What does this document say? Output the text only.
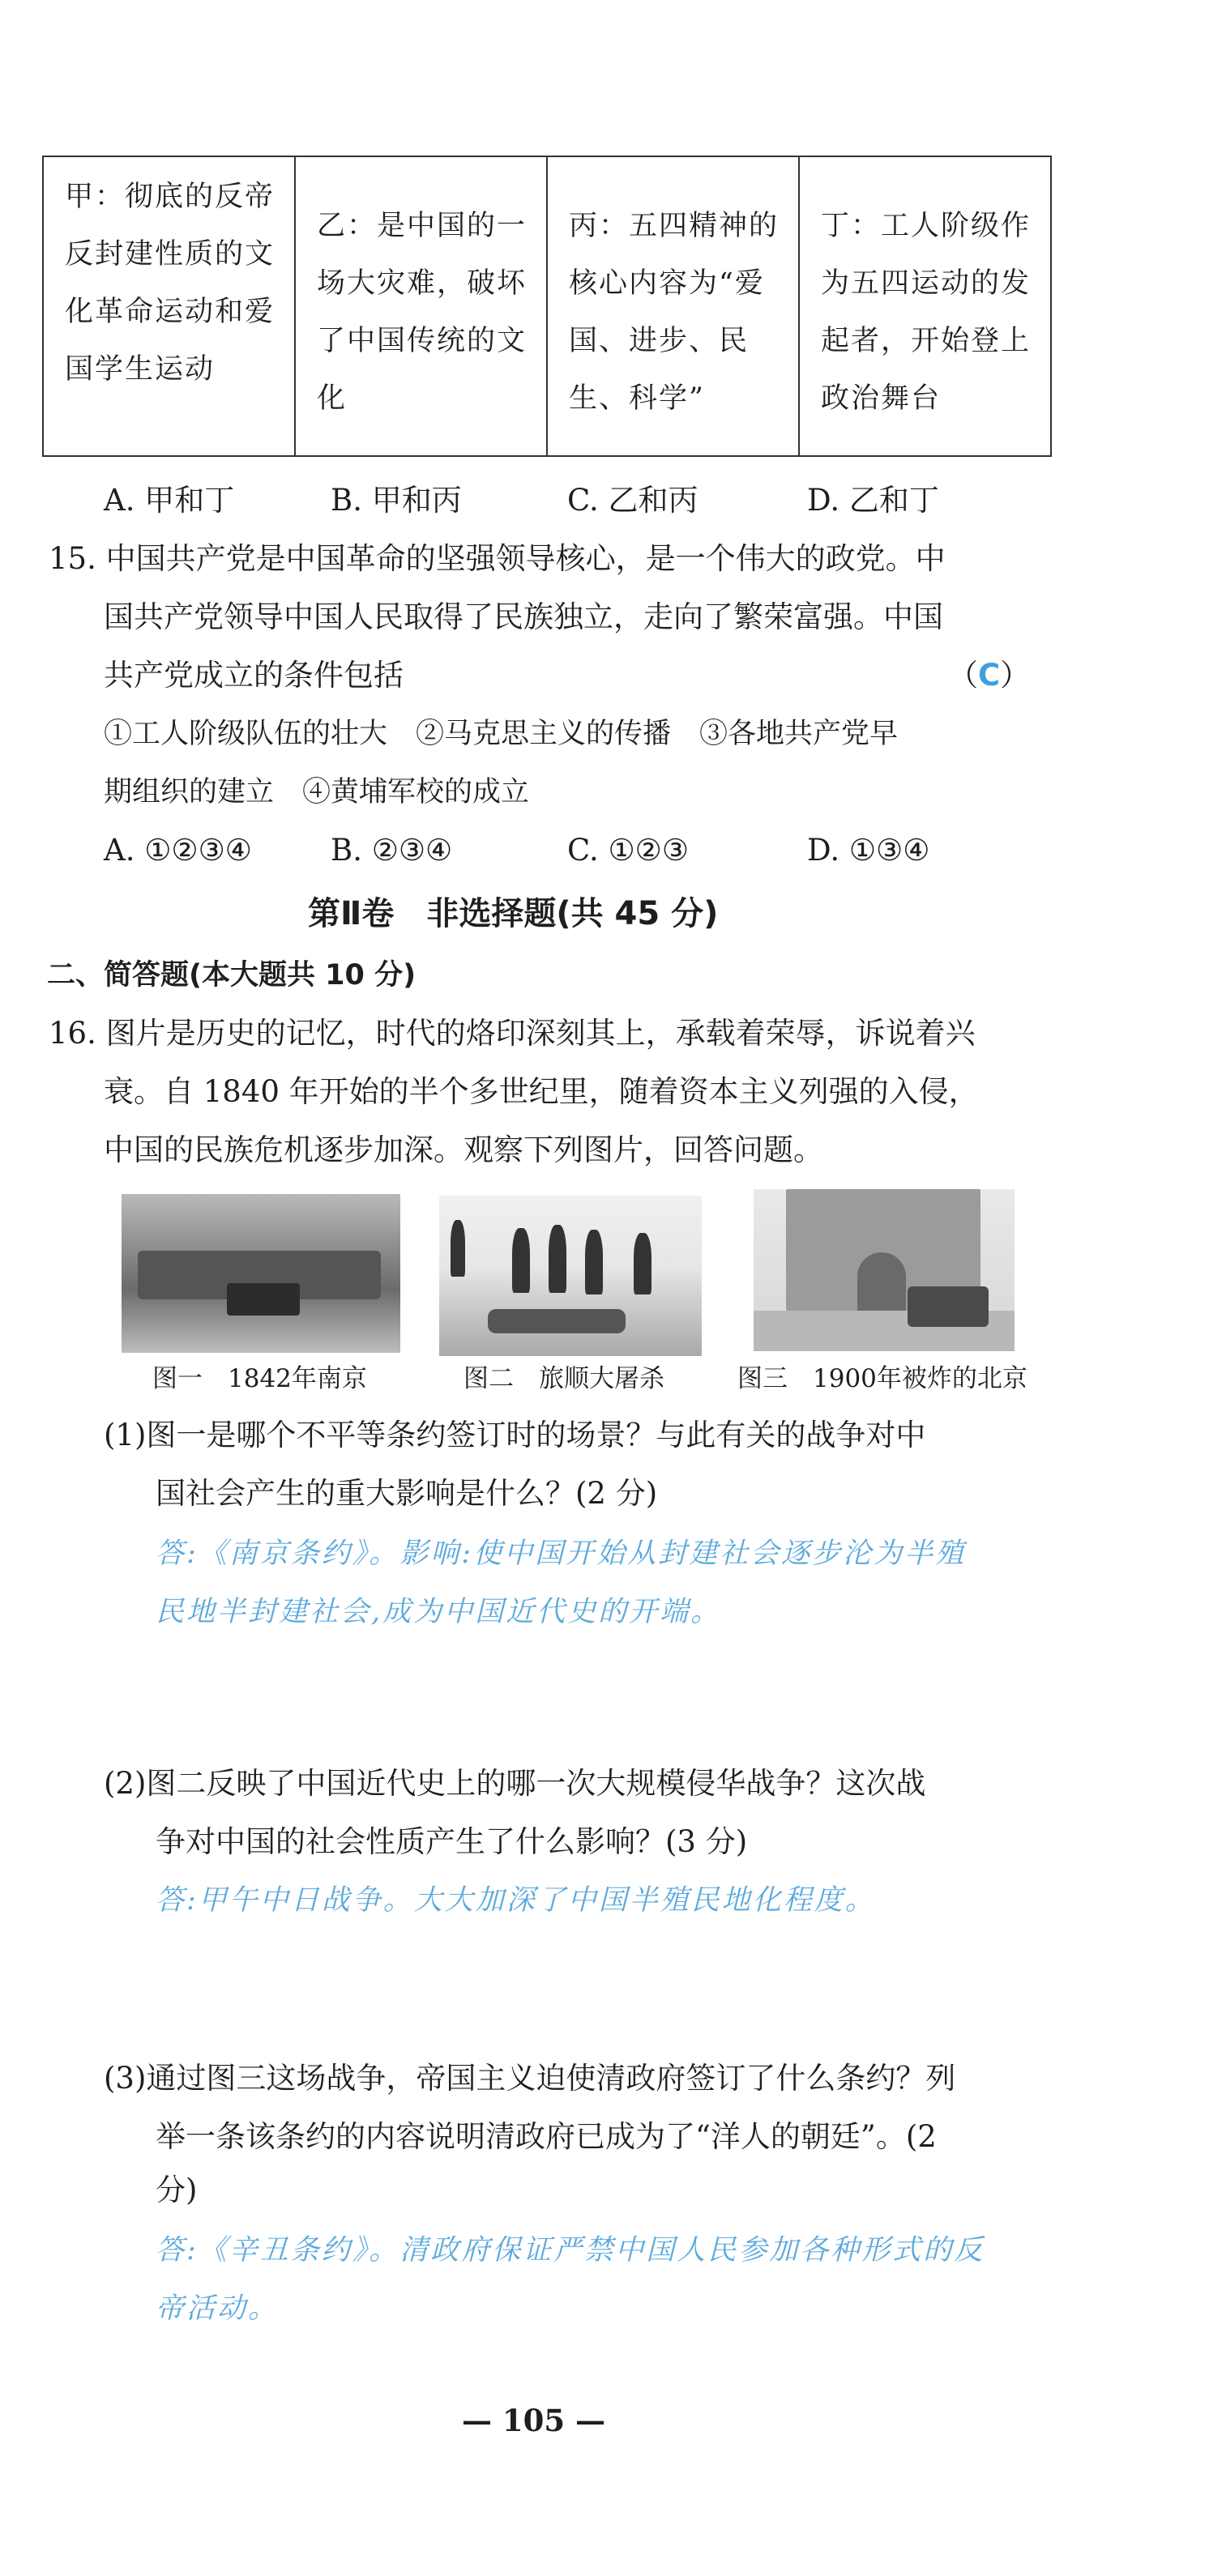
甲：彻底的反帝反封建性质的文化革命运动和爱国学生运动	乙：是中国的一场大灾难，破坏了中国传统的文化	丙：五四精神的核心内容为“爱国、进步、民生、科学”	丁：工人阶级作为五四运动的发起者，开始登上政治舞台
A. 甲和丁	B. 甲和丙	C. 乙和丙	D. 乙和丁
15. 中国共产党是中国革命的坚强领导核心，是一个伟大的政党。中
国共产党领导中国人民取得了民族独立，走向了繁荣富强。中国
共产党成立的条件包括	（C）
①工人阶级队伍的壮大　②马克思主义的传播　③各地共产党早
期组织的建立　④黄埔军校的成立
A. ①②③④	B. ②③④	C. ①②③	D. ①③④
第Ⅱ卷　非选择题(共 45 分)
二、简答题(本大题共 10 分)
16. 图片是历史的记忆，时代的烙印深刻其上，承载着荣辱，诉说着兴
衰。自 1840 年开始的半个多世纪里，随着资本主义列强的入侵，
中国的民族危机逐步加深。观察下列图片，回答问题。
图一　1842年南京	图二　旅顺大屠杀	图三　1900年被炸的北京
(1)图一是哪个不平等条约签订时的场景？与此有关的战争对中
国社会产生的重大影响是什么？(2 分)
答:《南京条约》。影响:使中国开始从封建社会逐步沦为半殖
民地半封建社会,成为中国近代史的开端。
(2)图二反映了中国近代史上的哪一次大规模侵华战争？这次战
争对中国的社会性质产生了什么影响？(3 分)
答:甲午中日战争。大大加深了中国半殖民地化程度。
(3)通过图三这场战争，帝国主义迫使清政府签订了什么条约？列
举一条该条约的内容说明清政府已成为了“洋人的朝廷”。(2
分)
答:《辛丑条约》。清政府保证严禁中国人民参加各种形式的反
帝活动。
— 105 —
